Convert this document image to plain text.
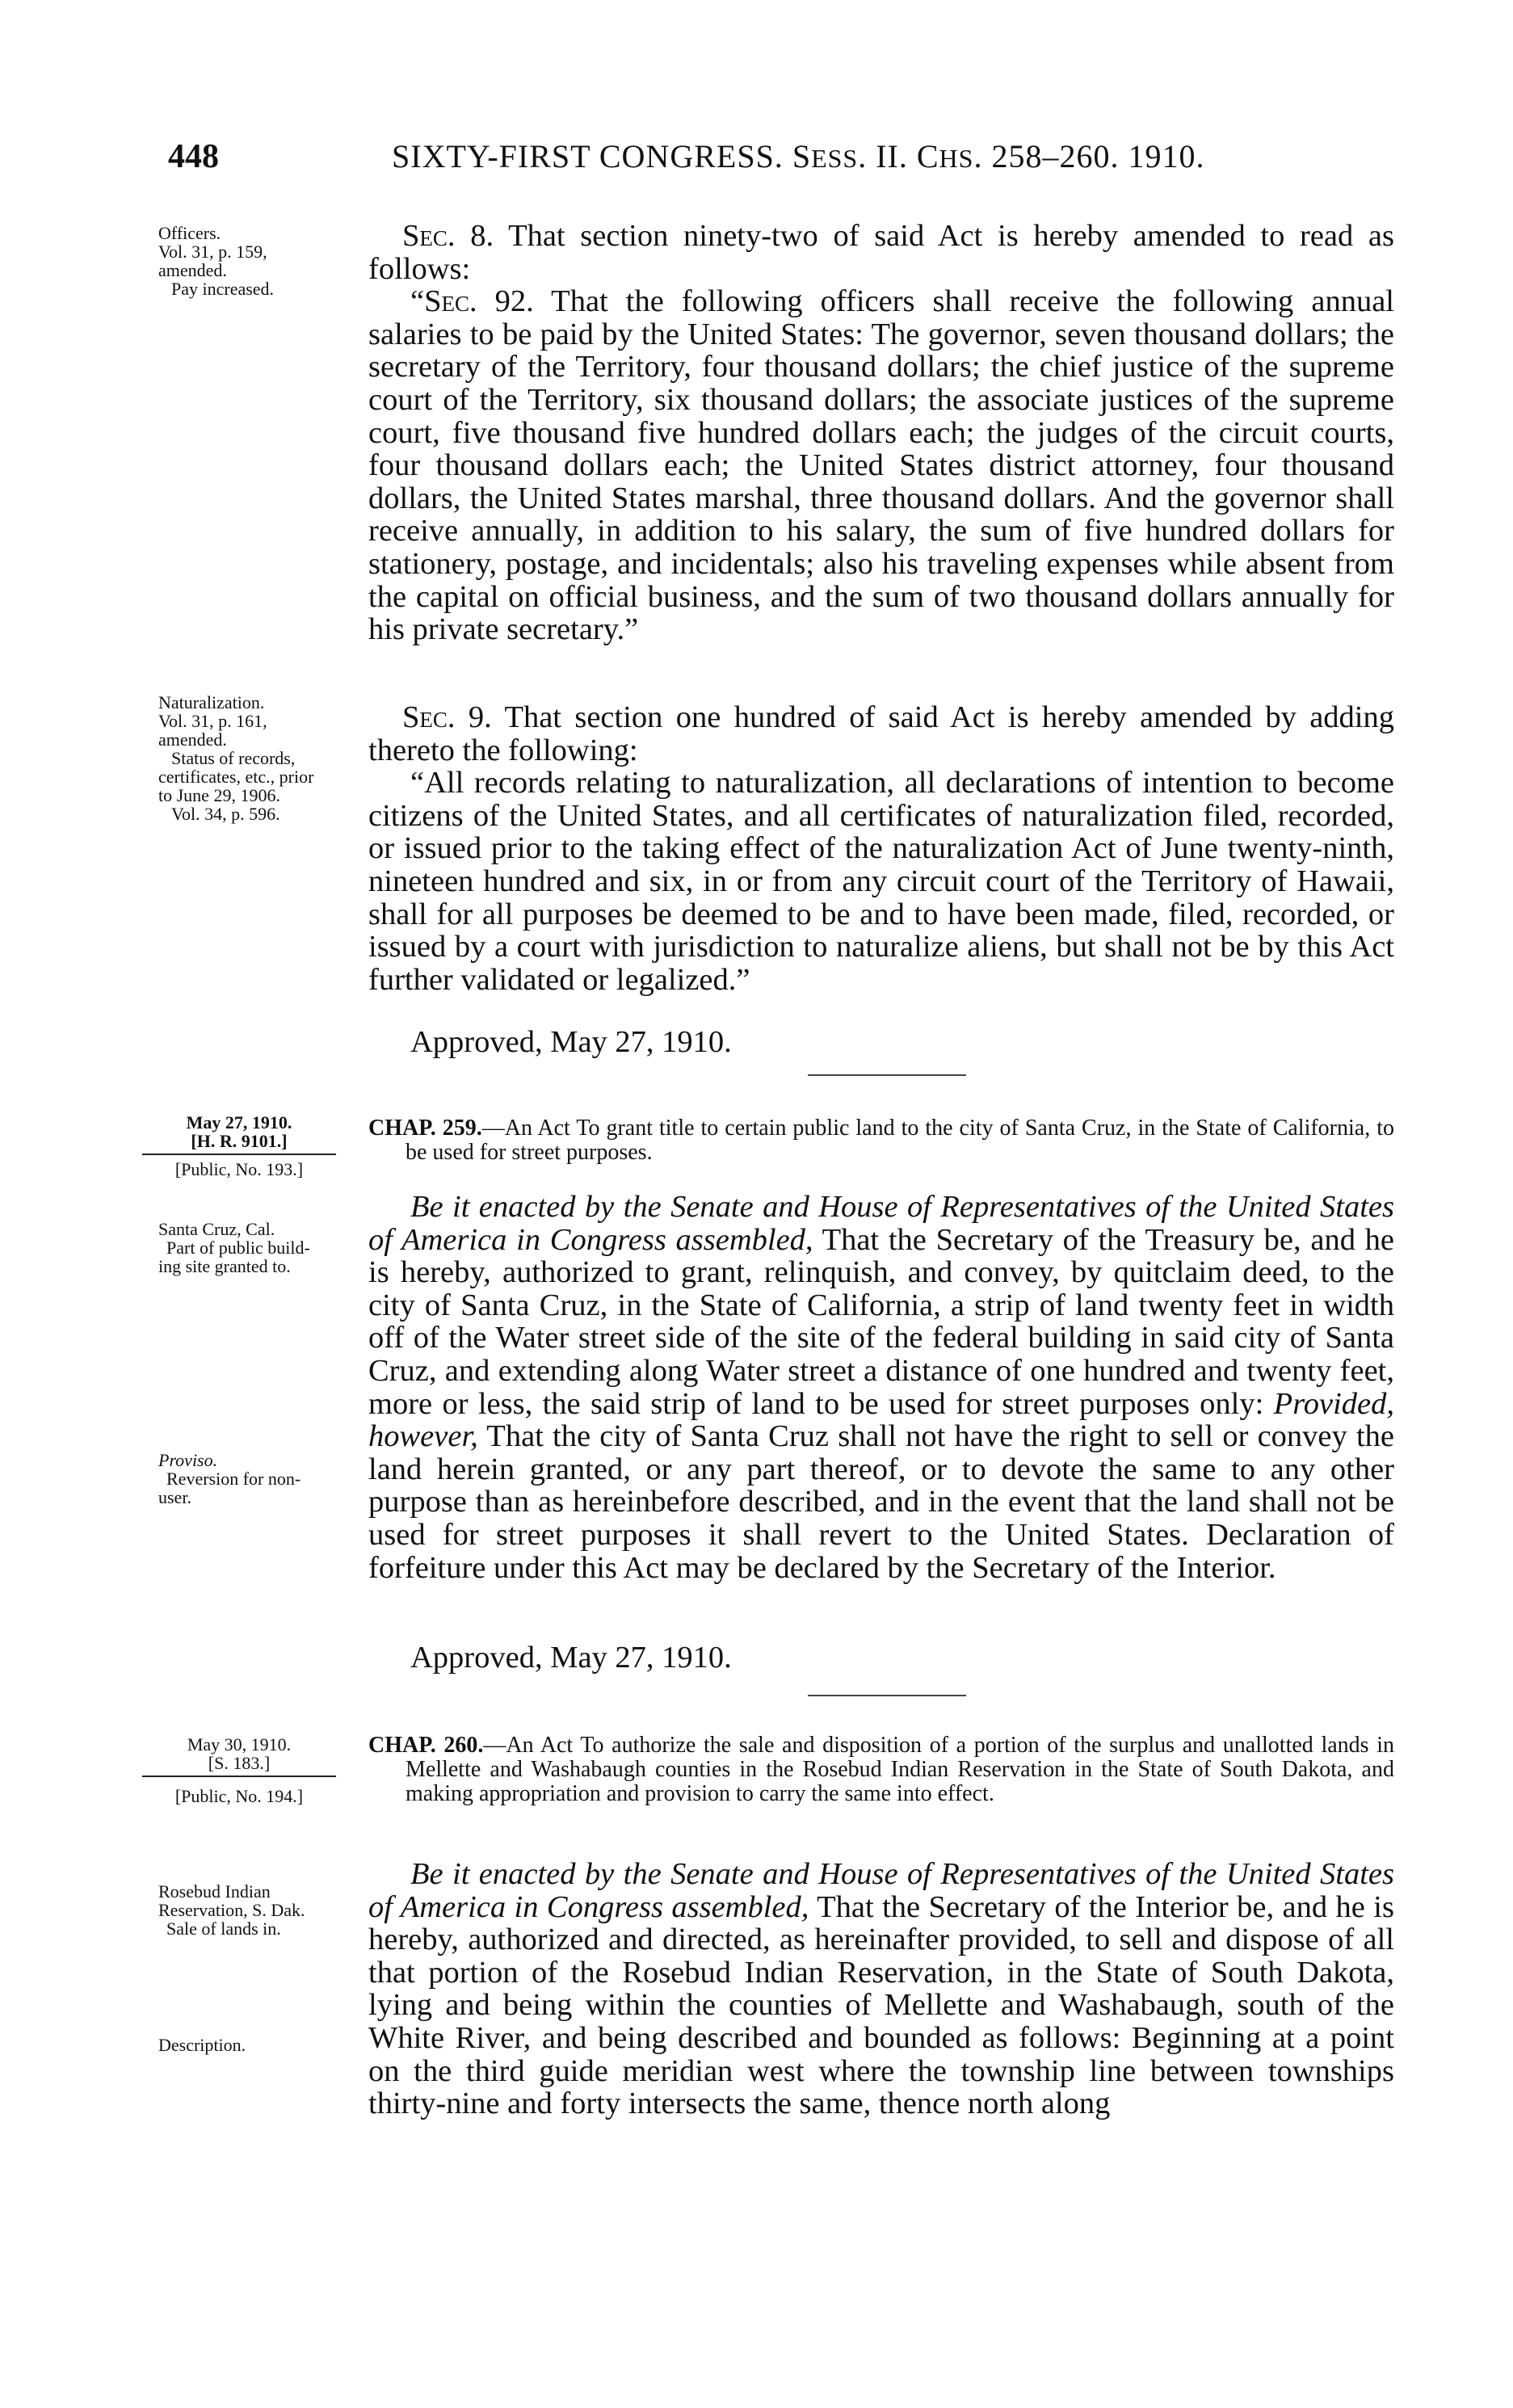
448	SIXTY-FIRST CONGRESS. SESS. II. CHS. 258–260. 1910.
Officers.
Vol. 31, p. 159,
amended.
Pay increased.

Sec. 8. That section ninety-two of said Act is hereby amended to read as follows:

“Sec. 92. That the following officers shall receive the following annual salaries to be paid by the United States: The governor, seven thousand dollars; the secretary of the Territory, four thousand dollars; the chief justice of the supreme court of the Territory, six thousand dollars; the associate justices of the supreme court, five thousand five hundred dollars each; the judges of the circuit courts, four thousand dollars each; the United States district attorney, four thousand dollars, the United States marshal, three thousand dollars. And the governor shall receive annually, in addition to his salary, the sum of five hundred dollars for stationery, postage, and incidentals; also his traveling expenses while absent from the capital on official business, and the sum of two thousand dollars annually for his private secretary.”

Naturalization.
Vol. 31, p. 161,
amended.
Status of records,
certificates, etc., prior
to June 29, 1906.
Vol. 34, p. 596.

Sec. 9. That section one hundred of said Act is hereby amended by adding thereto the following:

“All records relating to naturalization, all declarations of intention to become citizens of the United States, and all certificates of naturalization filed, recorded, or issued prior to the taking effect of the naturalization Act of June twenty-ninth, nineteen hundred and six, in or from any circuit court of the Territory of Hawaii, shall for all purposes be deemed to be and to have been made, filed, recorded, or issued by a court with jurisdiction to naturalize aliens, but shall not be by this Act further validated or legalized.”

Approved, May 27, 1910.
May 27, 1910.
[H. R. 9101.]
[Public, No. 193.]

CHAP. 259.—An Act To grant title to certain public land to the city of Santa Cruz, in the State of California, to be used for street purposes.

Santa Cruz, Cal.
Part of public build-
ing site granted to.
Proviso.
Reversion for non-
user.

Be it enacted by the Senate and House of Representatives of the United States of America in Congress assembled, That the Secretary of the Treasury be, and he is hereby, authorized to grant, relinquish, and convey, by quitclaim deed, to the city of Santa Cruz, in the State of California, a strip of land twenty feet in width off of the Water street side of the site of the federal building in said city of Santa Cruz, and extending along Water street a distance of one hundred and twenty feet, more or less, the said strip of land to be used for street purposes only: Provided, however, That the city of Santa Cruz shall not have the right to sell or convey the land herein granted, or any part thereof, or to devote the same to any other purpose than as hereinbefore described, and in the event that the land shall not be used for street purposes it shall revert to the United States. Declaration of forfeiture under this Act may be declared by the Secretary of the Interior.

Approved, May 27, 1910.
May 30, 1910.
[S. 183.]
[Public, No. 194.]

CHAP. 260.—An Act To authorize the sale and disposition of a portion of the surplus and unallotted lands in Mellette and Washabaugh counties in the Rosebud Indian Reservation in the State of South Dakota, and making appropriation and provision to carry the same into effect.

Rosebud Indian
Reservation, S. Dak.
Sale of lands in.
Description.

Be it enacted by the Senate and House of Representatives of the United States of America in Congress assembled, That the Secretary of the Interior be, and he is hereby, authorized and directed, as hereinafter provided, to sell and dispose of all that portion of the Rosebud Indian Reservation, in the State of South Dakota, lying and being within the counties of Mellette and Washabaugh, south of the White River, and being described and bounded as follows: Beginning at a point on the third guide meridian west where the township line between townships thirty-nine and forty intersects the same, thence north along
